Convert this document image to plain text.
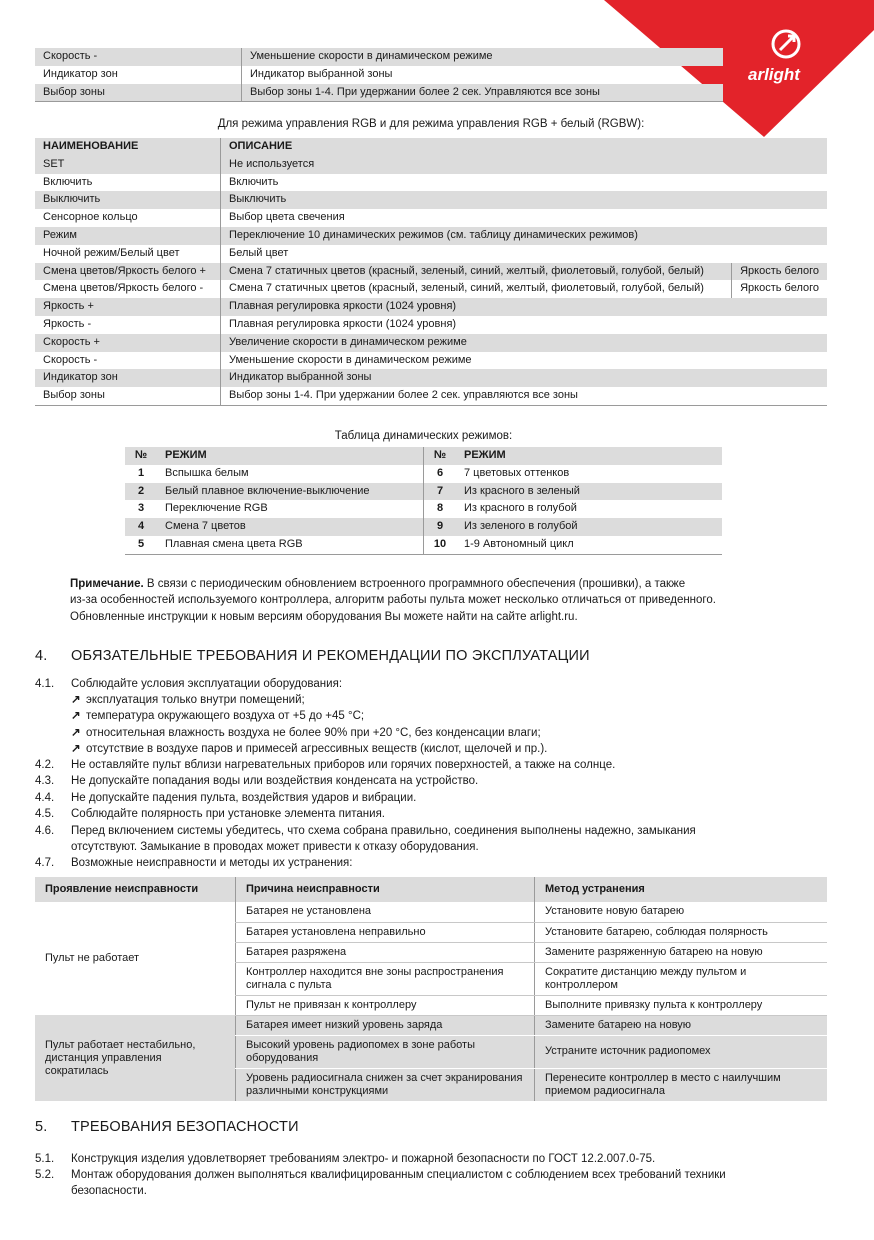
arlight
Скорость -	Уменьшение скорости в динамическом режиме
Индикатор зон	Индикатор выбранной зоны
Выбор зоны	Выбор зоны 1-4. При удержании более 2 сек. Управляются все зоны
Для режима управления RGB и для режима управления RGB + белый (RGBW):
НАИМЕНОВАНИЕ	ОПИСАНИЕ	
SET	Не используется	
Включить	Включить	
Выключить	Выключить	
Сенсорное кольцо	Выбор цвета свечения	
Режим	Переключение 10 динамических режимов (см. таблицу динамических режимов)	
Ночной режим/Белый цвет	Белый цвет	
Смена цветов/Яркость белого +	Смена 7 статичных цветов (красный, зеленый, синий, желтый, фиолетовый, голубой, белый)	Яркость белого
Смена цветов/Яркость белого -	Смена 7 статичных цветов (красный, зеленый, синий, желтый, фиолетовый, голубой, белый)	Яркость белого
Яркость +	Плавная регулировка яркости (1024 уровня)	
Яркость -	Плавная регулировка яркости (1024 уровня)	
Скорость +	Увеличение скорости в динамическом режиме	
Скорость -	Уменьшение скорости в динамическом режиме	
Индикатор зон	Индикатор выбранной зоны	
Выбор зоны	Выбор зоны 1-4. При удержании более 2 сек. управляются все зоны	
Таблица динамических режимов:
№	РЕЖИМ	№	РЕЖИМ
1	Вспышка белым	6	7 цветовых оттенков
2	Белый плавное включение-выключение	7	Из красного в зеленый
3	Переключение RGB	8	Из красного в голубой
4	Смена 7 цветов	9	Из зеленого в голубой
5	Плавная смена цвета RGB	10	1-9 Автономный цикл
Примечание. В связи с периодическим обновлением встроенного программного обеспечения (прошивки), а также
из-за особенностей используемого контроллера, алгоритм работы пульта может несколько отличаться от приведенного.
Обновленные инструкции к новым версиям оборудования Вы можете найти на сайте arlight.ru.
4. ОБЯЗАТЕЛЬНЫЕ ТРЕБОВАНИЯ И РЕКОМЕНДАЦИИ ПО ЭКСПЛУАТАЦИИ
4.1. Соблюдайте условия эксплуатации оборудования:
↗ эксплуатация только внутри помещений;
↗ температура окружающего воздуха от +5 до +45 °C;
↗ относительная влажность воздуха не более 90% при +20 °C, без конденсации влаги;
↗ отсутствие в воздухе паров и примесей агрессивных веществ (кислот, щелочей и пр.).
4.2. Не оставляйте пульт вблизи нагревательных приборов или горячих поверхностей, а также на солнце.
4.3. Не допускайте попадания воды или воздействия конденсата на устройство.
4.4. Не допускайте падения пульта, воздействия ударов и вибрации.
4.5. Соблюдайте полярность при установке элемента питания.
4.6. Перед включением системы убедитесь, что схема собрана правильно, соединения выполнены надежно, замыкания
отсутствуют. Замыкание в проводах может привести к отказу оборудования.
4.7. Возможные неисправности и методы их устранения:
Проявление неисправности	Причина неисправности	Метод устранения
Пульт не работает	Батарея не установлена	Установите новую батарею
	Батарея установлена неправильно	Установите батарею, соблюдая полярность
	Батарея разряжена	Замените разряженную батарею на новую
	Контроллер находится вне зоны распространения сигнала с пульта	Сократите дистанцию между пультом и контроллером
	Пульт не привязан к контроллеру	Выполните привязку пульта к контроллеру
Пульт работает нестабильно, дистанция управления сократилась	Батарея имеет низкий уровень заряда	Замените батарею на новую
	Высокий уровень радиопомех в зоне работы оборудования	Устраните источник радиопомех
	Уровень радиосигнала снижен за счет экранирования различными конструкциями	Перенесите контроллер в место с наилучшим приемом радиосигнала
5. ТРЕБОВАНИЯ БЕЗОПАСНОСТИ
5.1. Конструкция изделия удовлетворяет требованиям электро- и пожарной безопасности по ГОСТ 12.2.007.0-75.
5.2. Монтаж оборудования должен выполняться квалифицированным специалистом с соблюдением всех требований техники
безопасности.
